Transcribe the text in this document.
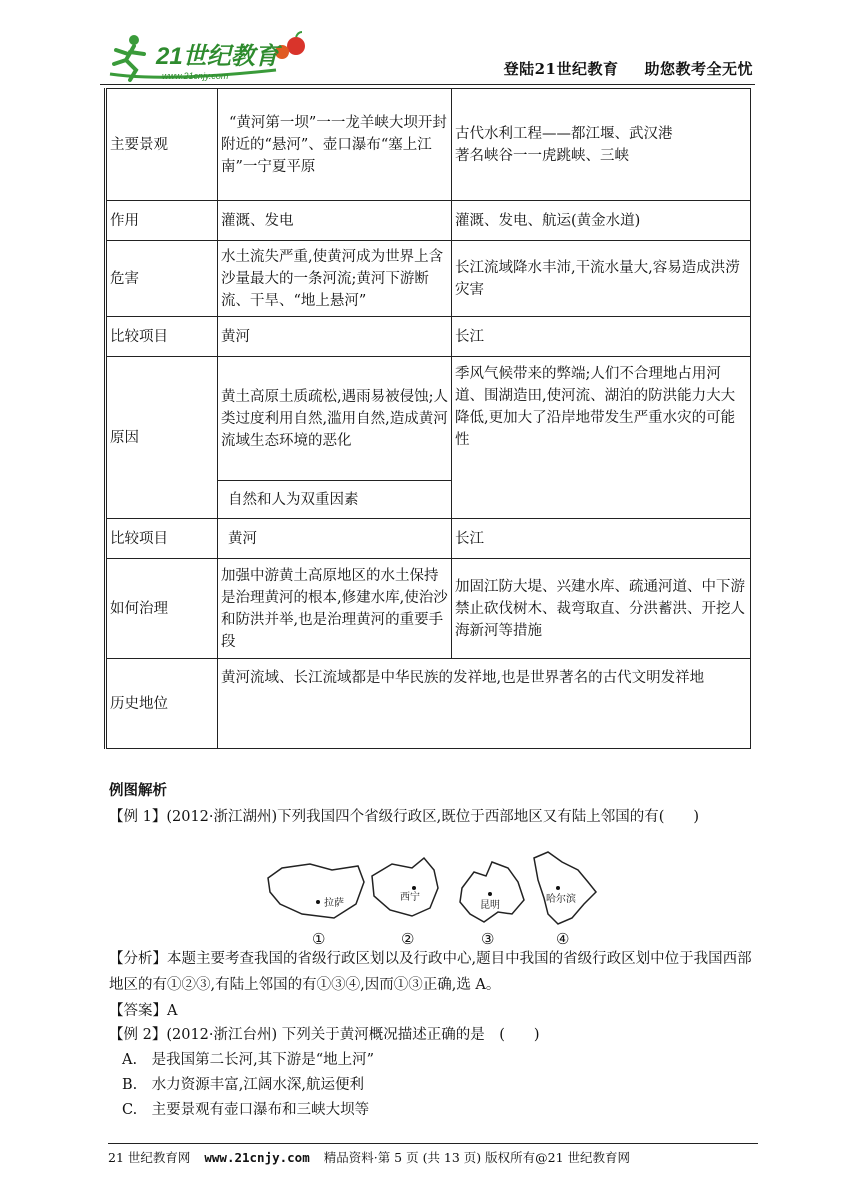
21世纪教育
www.21cnjy.com	登陆21世纪教育 助您教考全无忧
主要景观	“黄河第一坝”一一龙羊峡大坝开封附近的“悬河”、壶口瀑布“塞上江南”一宁夏平原	古代水利工程——都江堰、武汉港
著名峡谷一一虎跳峡、三峡

作用	灌溉、发电	灌溉、发电、航运(黄金水道)
危害	水土流失严重,使黄河成为世界上含沙量最大的一条河流;黄河下游断流、干旱、“地上悬河”	长江流域降水丰沛,干流水量大,容易造成洪涝灾害
比较项目	黄河	长江
原因	黄土高原土质疏松,遇雨易被侵蚀;人类过度利用自然,滥用自然,造成黄河流域生态环境的恶化	季风气候带来的弊端;人们不合理地占用河道、围湖造田,使河流、湖泊的防洪能力大大降低,更加大了沿岸地带发生严重水灾的可能性
	自然和人为双重因素	
比较项目	黄河	长江
如何治理	加强中游黄土高原地区的水土保持是治理黄河的根本,修建水库,使治沙和防洪并举,也是治理黄河的重要手段	加固江防大堤、兴建水库、疏通河道、中下游禁止砍伐树木、裁弯取直、分洪蓄洪、开挖人海新河等措施
历史地位	黄河流域、长江流域都是中华民族的发祥地,也是世界著名的古代文明发祥地	
例图解析
【例 1】(2012·浙江湖州)下列我国四个省级行政区,既位于西部地区又有陆上邻国的有(　　)
拉萨
西宁
昆明
哈尔滨
①	②	③	④
【分析】本题主要考查我国的省级行政区划以及行政中心,题目中我国的省级行政区划中位于我国西部地区的有①②③,有陆上邻国的有①③④,因而①③正确,选 A。
【答案】A
【例 2】(2012·浙江台州) 下列关于黄河概况描述正确的是　(　　)
A.　是我国第二长河,其下游是“地上河”
B.　水力资源丰富,江阔水深,航运便利
C.　主要景观有壶口瀑布和三峡大坝等
21 世纪教育网 www.21cnjy.com 精品资料·第 5 页 (共 13 页) 版权所有@21 世纪教育网
